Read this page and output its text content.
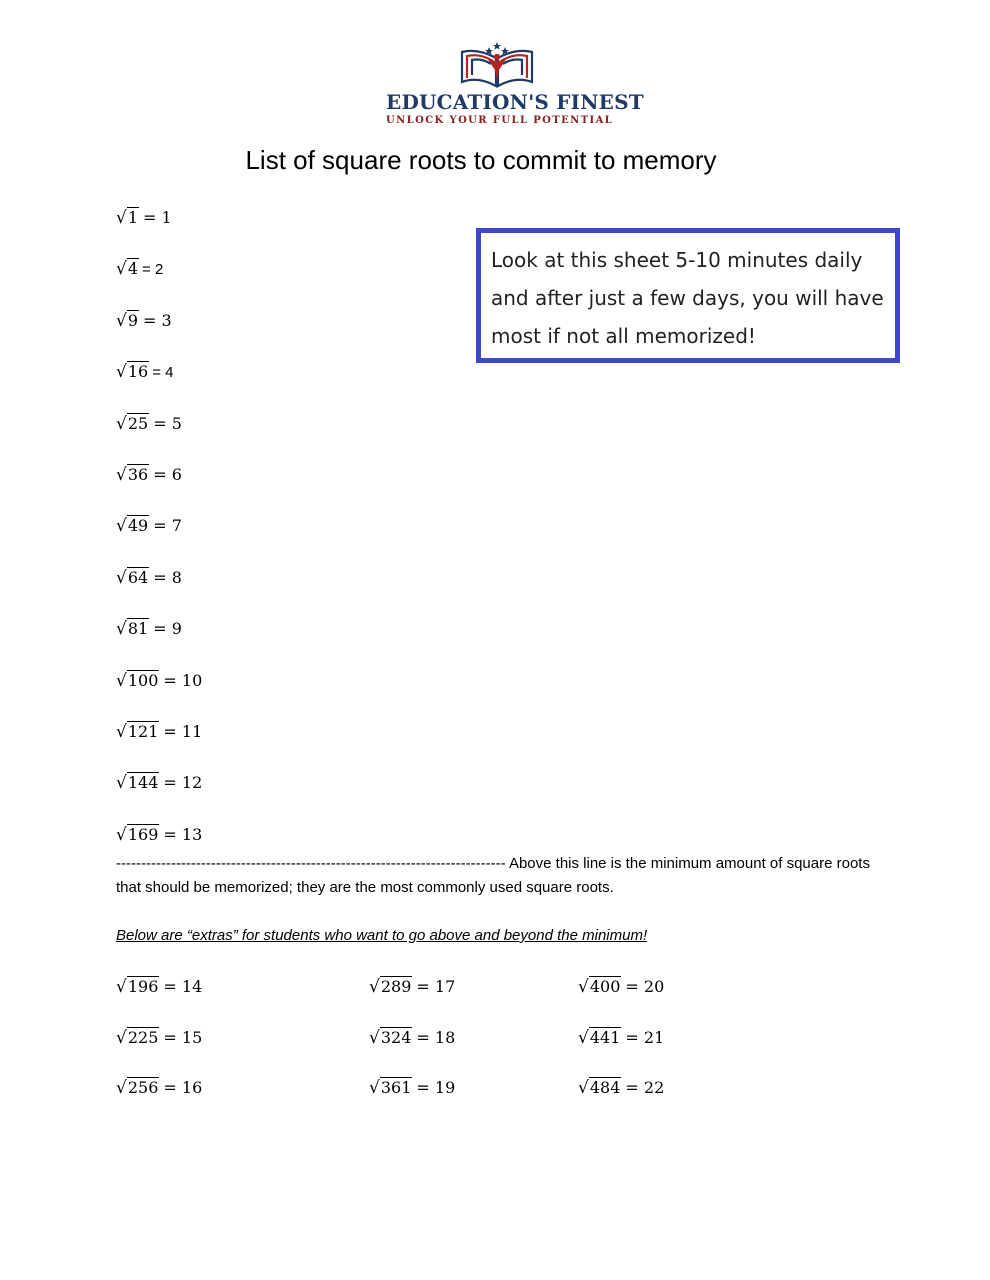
EDUCATION'S FINEST
UNLOCK YOUR FULL POTENTIAL
List of square roots to commit to memory
√1 = 1
√4 = 2
√9 = 3
√16 = 4
√25 = 5
√36 = 6
√49 = 7
√64 = 8
√81 = 9
√100 = 10
√121 = 11
√144 = 12
√169 = 13
Look at this sheet 5-10 minutes daily and after just a few days, you will have most if not all memorized!
------------------------------------------------------------------------------ Above this line is the minimum amount of square roots that should be memorized; they are the most commonly used square roots.
Below are “extras” for students who want to go above and beyond the minimum!
√196 = 14
√225 = 15
√256 = 16
√289 = 17
√324 = 18
√361 = 19
√400 = 20
√441 = 21
√484 = 22
